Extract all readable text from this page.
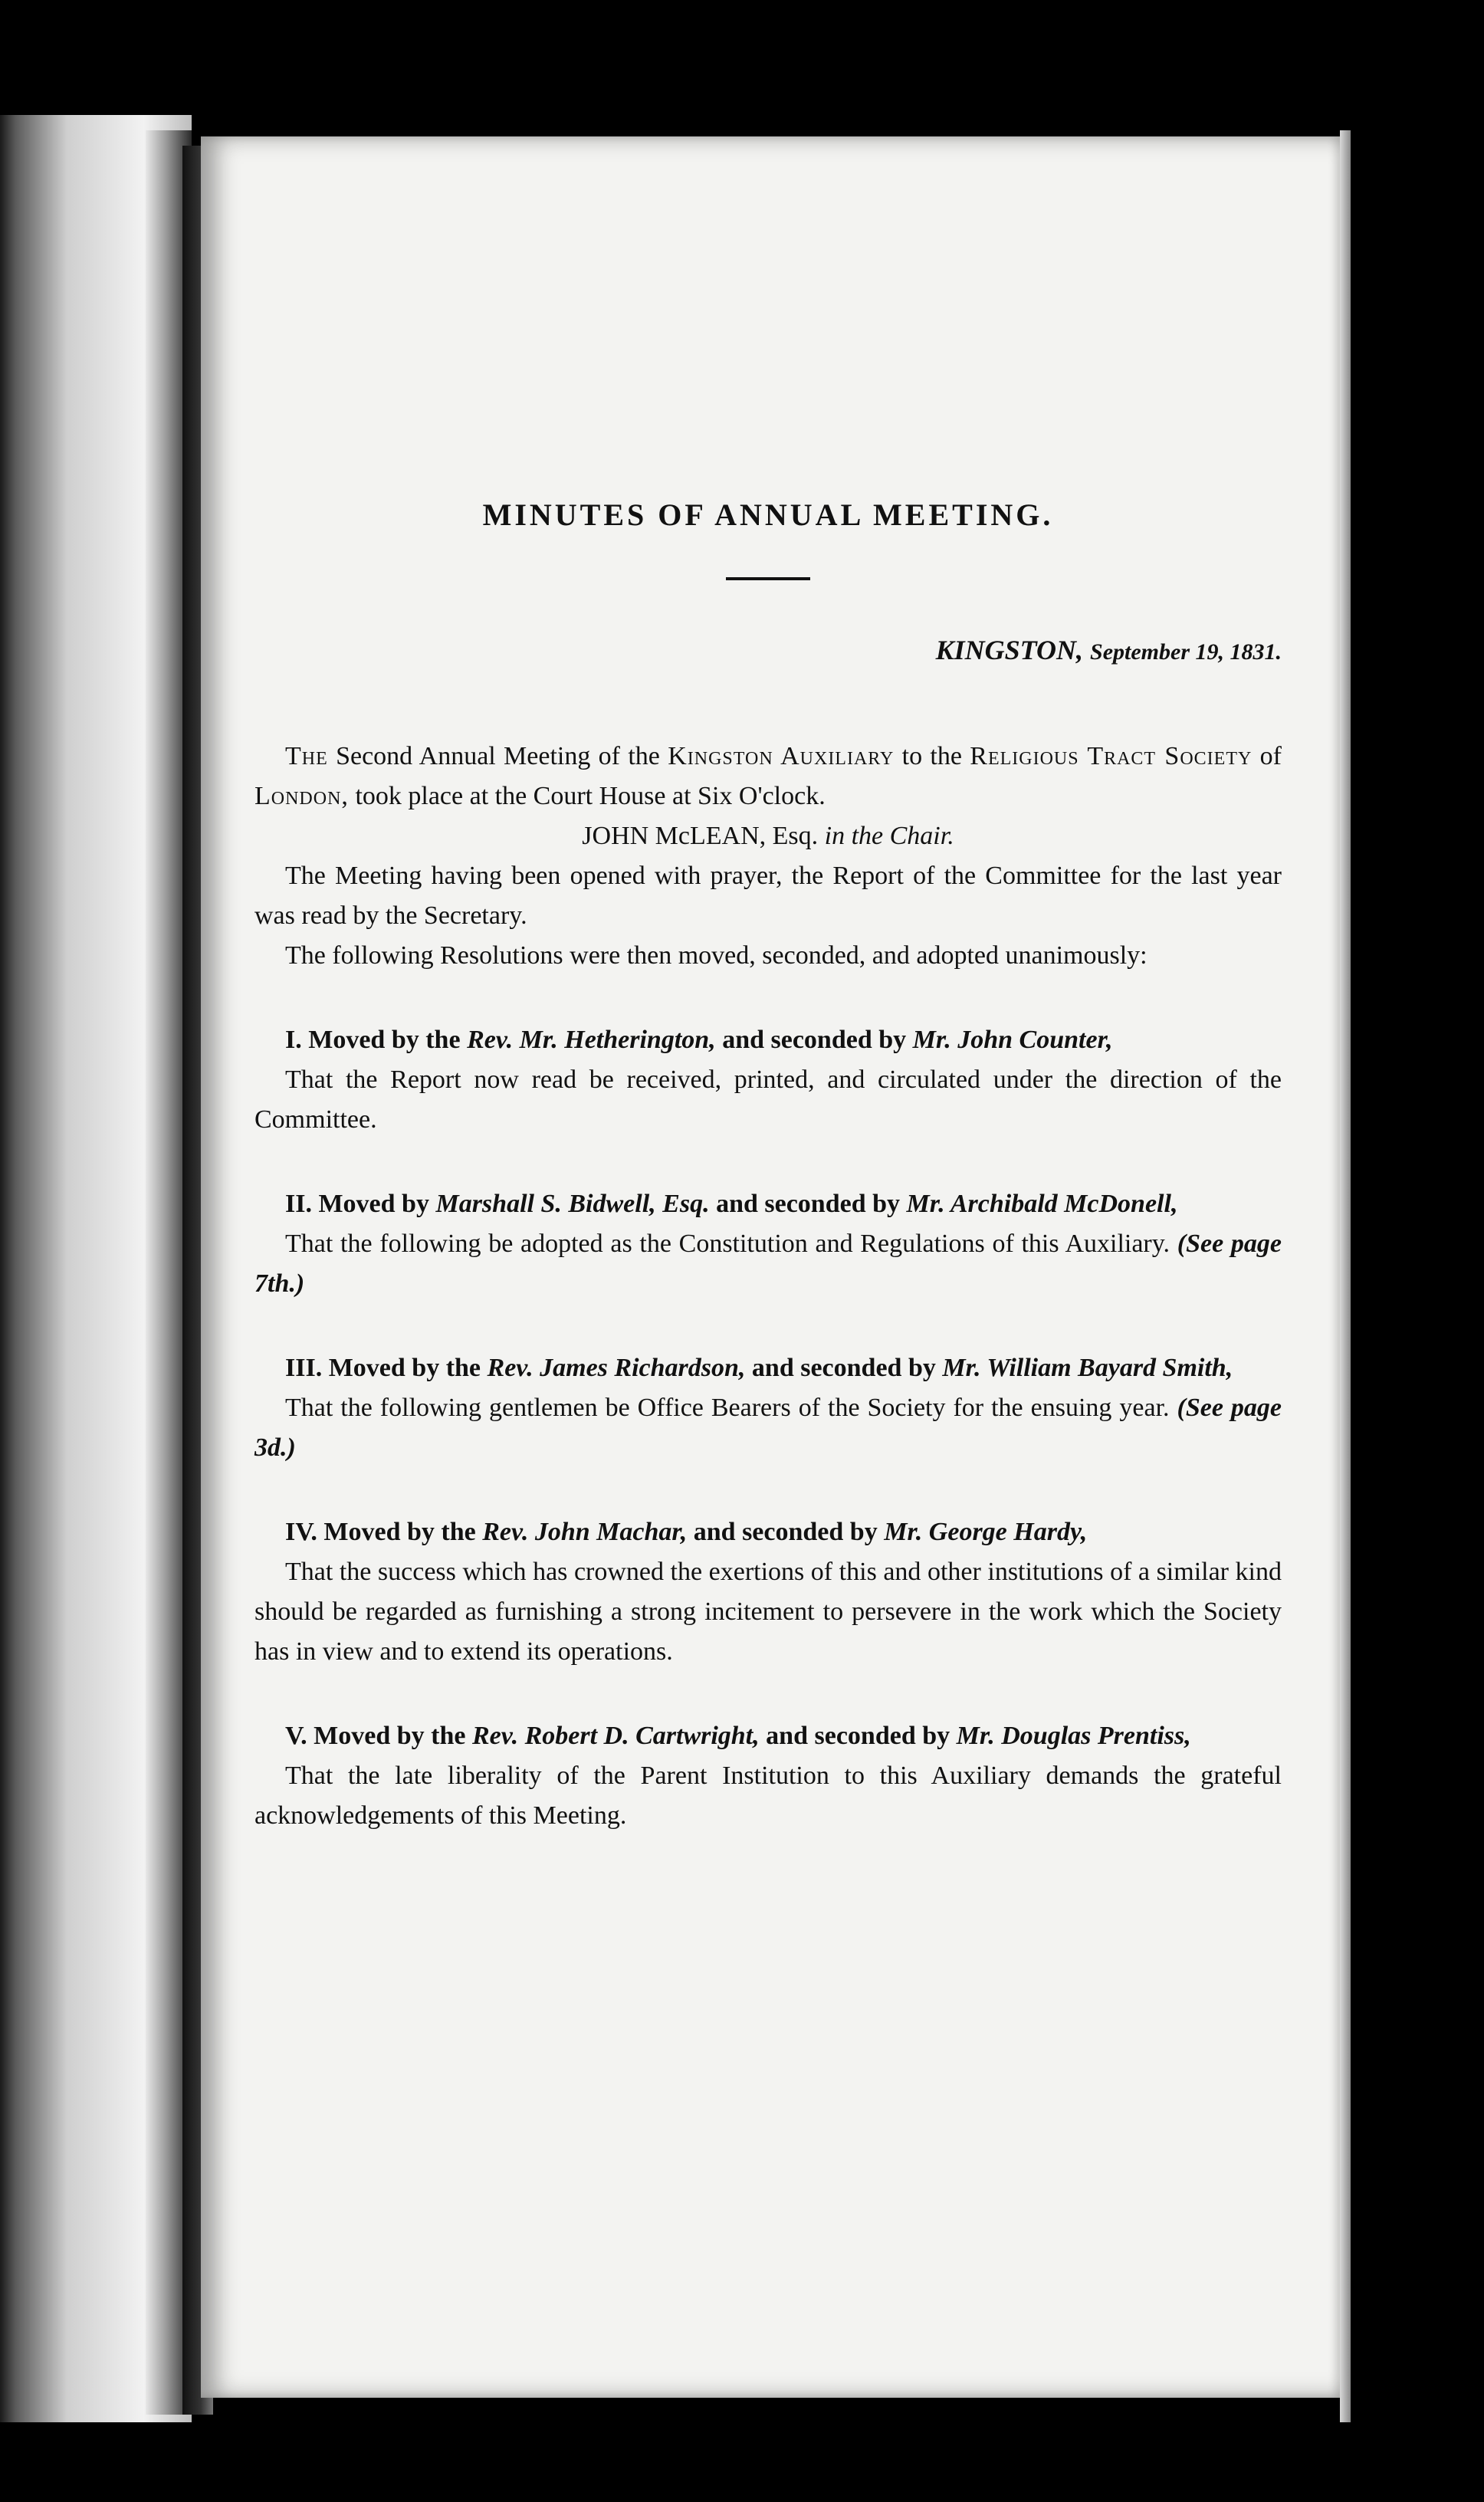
MINUTES OF ANNUAL MEETING.
KINGSTON, September 19, 1831.

The Second Annual Meeting of the Kingston Auxiliary to the Religious Tract Society of London, took place at the Court House at Six O'clock.

JOHN McLEAN, Esq. in the Chair.

The Meeting having been opened with prayer, the Report of the Committee for the last year was read by the Secretary.

The following Resolutions were then moved, seconded, and adopted unanimously:

I. Moved by the Rev. Mr. Hetherington, and seconded by Mr. John Counter,

That the Report now read be received, printed, and circulated under the direction of the Committee.

II. Moved by Marshall S. Bidwell, Esq. and seconded by Mr. Archibald McDonell,

That the following be adopted as the Constitution and Regulations of this Auxiliary. (See page 7th.)

III. Moved by the Rev. James Richardson, and seconded by Mr. William Bayard Smith,

That the following gentlemen be Office Bearers of the Society for the ensuing year. (See page 3d.)

IV. Moved by the Rev. John Machar, and seconded by Mr. George Hardy,

That the success which has crowned the exertions of this and other institutions of a similar kind should be regarded as furnishing a strong incitement to persevere in the work which the Society has in view and to extend its operations.

V. Moved by the Rev. Robert D. Cartwright, and seconded by Mr. Douglas Prentiss,

That the late liberality of the Parent Institution to this Auxiliary demands the grateful acknowledgements of this Meeting.
